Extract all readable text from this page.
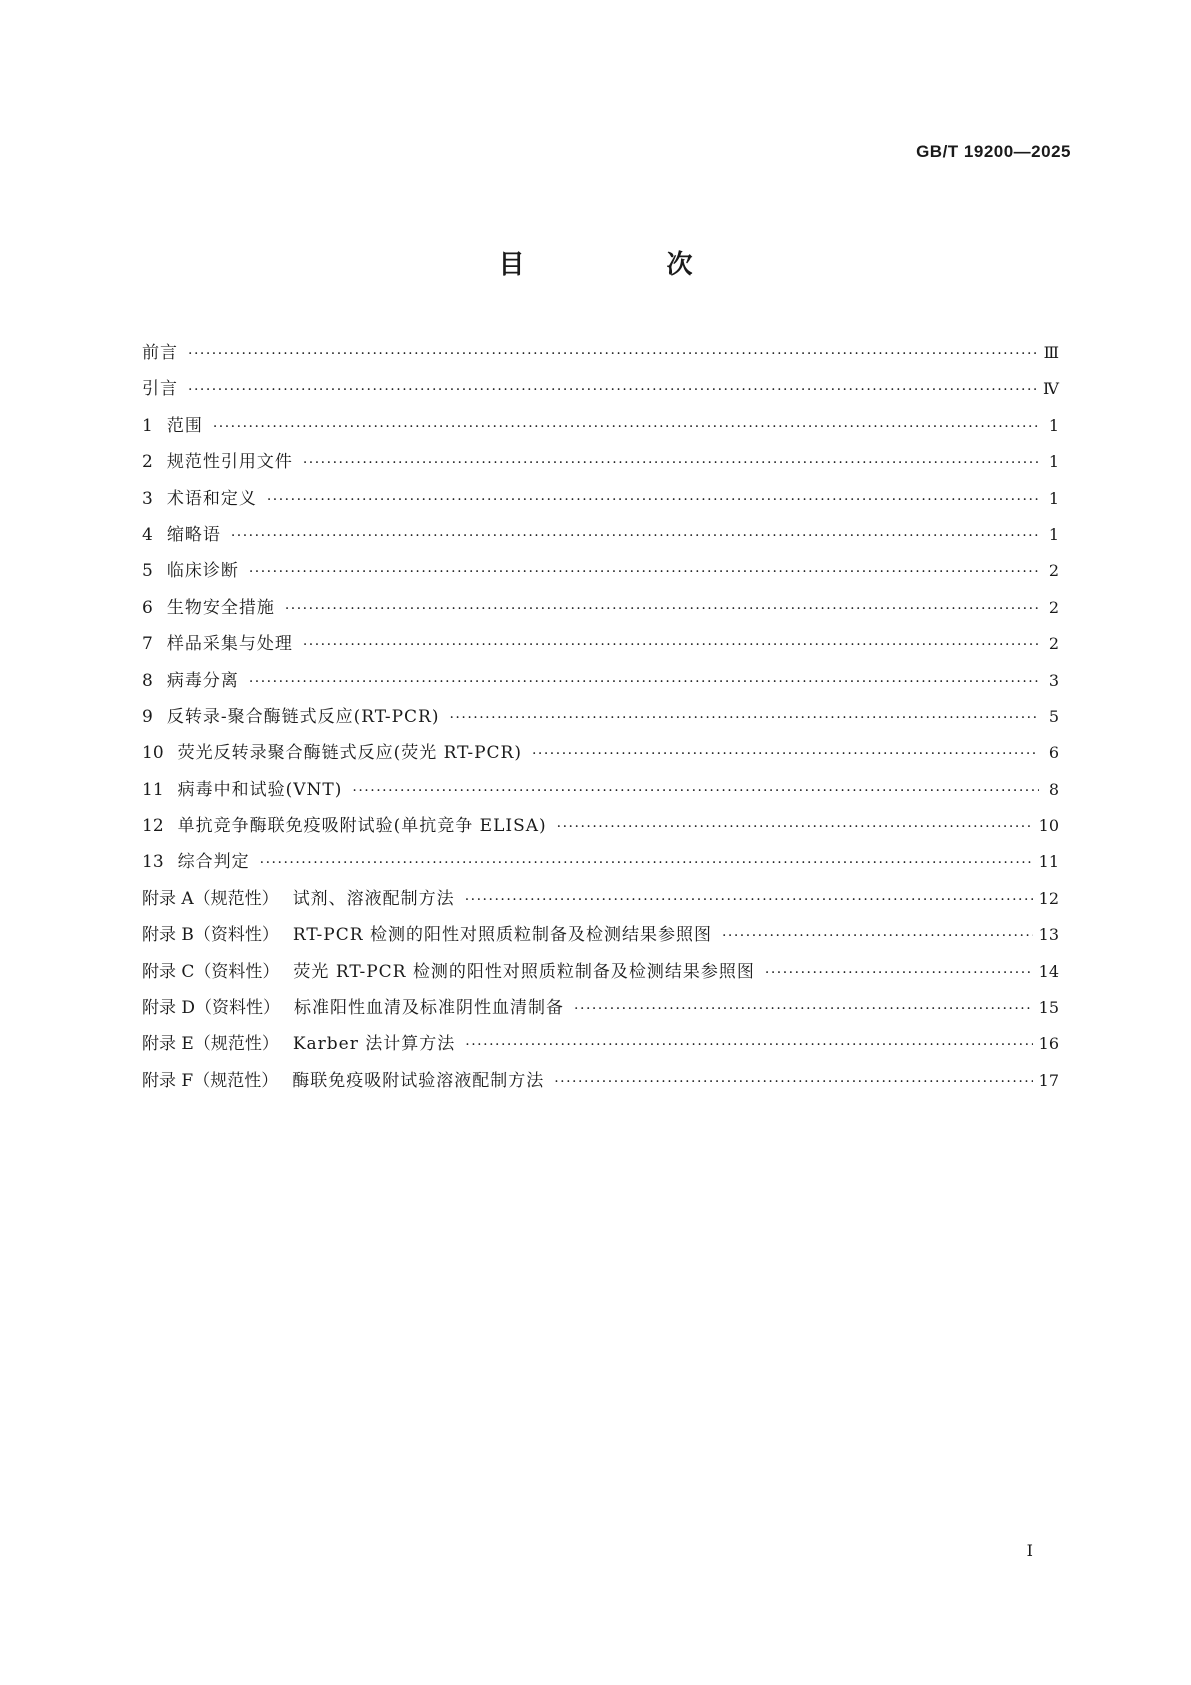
GB/T 19200—2025
目　次
前言 ·····	Ⅲ
引言 ·····	Ⅳ
1 范围 ·····	1
2 规范性引用文件 ·····	1
3 术语和定义 ·····	1
4 缩略语 ·····	1
5 临床诊断 ·····	2
6 生物安全措施 ·····	2
7 样品采集与处理 ·····	2
8 病毒分离 ·····	3
9 反转录-聚合酶链式反应(RT-PCR) ·····	5
10 荧光反转录聚合酶链式反应(荧光 RT-PCR) ·····	6
11 病毒中和试验(VNT) ·····	8
12 单抗竞争酶联免疫吸附试验(单抗竞争 ELISA) ·····	10
13 综合判定 ·····	11
附录 A（规范性） 试剂、溶液配制方法 ·····	12
附录 B（资料性） RT-PCR 检测的阳性对照质粒制备及检测结果参照图 ·····	13
附录 C（资料性） 荧光 RT-PCR 检测的阳性对照质粒制备及检测结果参照图 ·····	14
附录 D（资料性） 标准阳性血清及标准阴性血清制备 ·····	15
附录 E（规范性） Karber 法计算方法 ·····	16
附录 F（规范性） 酶联免疫吸附试验溶液配制方法 ·····	17
Ⅰ
